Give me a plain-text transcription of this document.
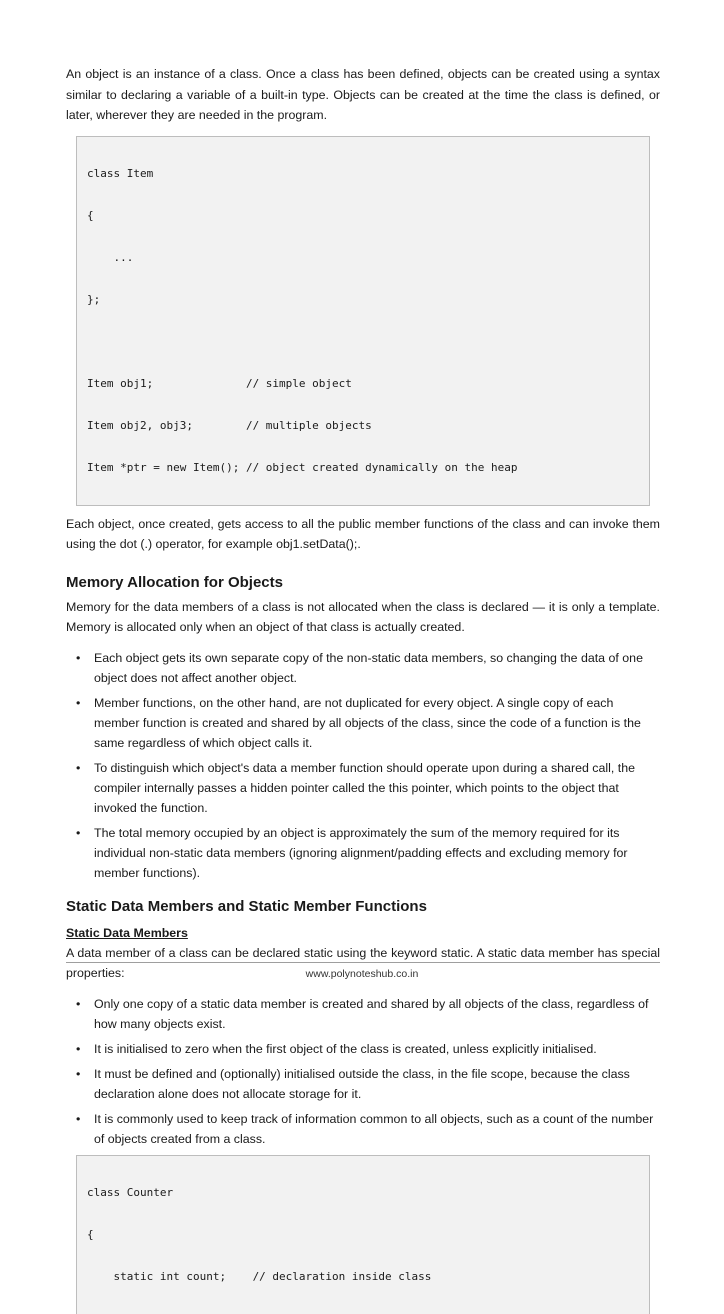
An object is an instance of a class. Once a class has been defined, objects can be created using a syntax similar to declaring a variable of a built-in type. Objects can be created at the time the class is defined, or later, wherever they are needed in the program.

class Item

{

...

};

Item obj1;              // simple object

Item obj2, obj3;        // multiple objects

Item *ptr = new Item(); // object created dynamically on the heap

Each object, once created, gets access to all the public member functions of the class and can invoke them using the dot (.) operator, for example obj1.setData();.

Memory Allocation for Objects

Memory for the data members of a class is not allocated when the class is declared — it is only a template. Memory is allocated only when an object of that class is actually created.

• Each object gets its own separate copy of the non-static data members, so changing the data of one object does not affect another object.
• Member functions, on the other hand, are not duplicated for every object. A single copy of each member function is created and shared by all objects of the class, since the code of a function is the same regardless of which object calls it.
• To distinguish which object's data a member function should operate upon during a shared call, the compiler internally passes a hidden pointer called the this pointer, which points to the object that invoked the function.
• The total memory occupied by an object is approximately the sum of the memory required for its individual non-static data members (ignoring alignment/padding effects and excluding memory for member functions).
Static Data Members and Static Member Functions
Static Data Members

A data member of a class can be declared static using the keyword static. A static data member has special properties:

• Only one copy of a static data member is created and shared by all objects of the class, regardless of how many objects exist.
• It is initialised to zero when the first object of the class is created, unless explicitly initialised.
• It must be defined and (optionally) initialised outside the class, in the file scope, because the class declaration alone does not allocate storage for it.
• It is commonly used to keep track of information common to all objects, such as a count of the number of objects created from a class.

class Counter

{

static int count;    // declaration inside class

www.polynoteshub.co.in
